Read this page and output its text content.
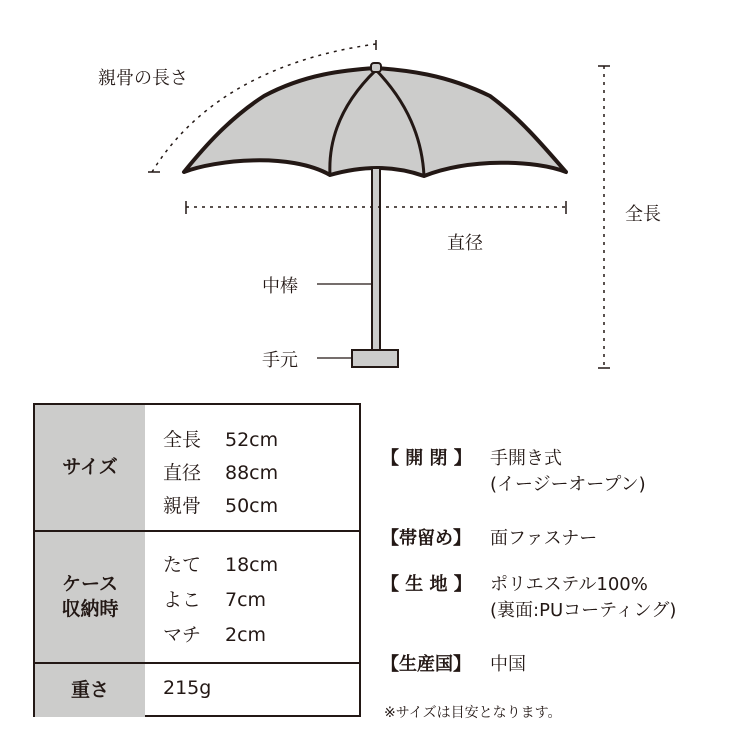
親骨の長さ
全長
直径
中棒
手元
サイズ
全長 52cm
直径 88cm
親骨 50cm
ケース
収納時
たて 18cm
よこ 7cm
マチ 2cm
重さ	215g
【 開 閉 】 手開き式
(イージーオープン)
【帯留め】 面ファスナー
【 生 地 】 ポリエステル100%
(裏面:PUコーティング)
【生産国】 中国
※サイズは目安となります。
